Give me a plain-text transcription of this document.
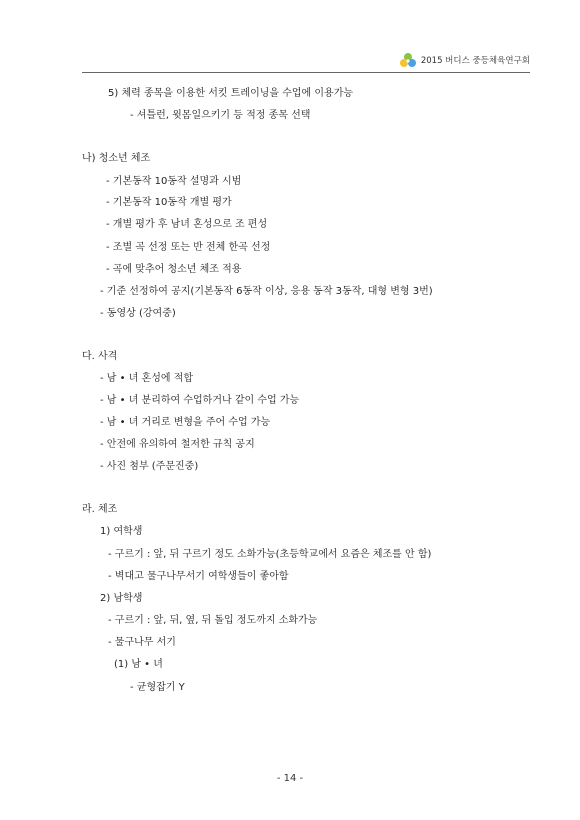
2015 버디스 중등체육연구회
5) 체력 종목을 이용한 서킷 트레이닝을 수업에 이용가능
- 셔틀런, 윗몸일으키기 등 적정 종목 선택
나) 청소년 체조
- 기본동작 10동작 설명과 시범
- 기본동작 10동작 개별 평가
- 개별 평가 후 남녀 혼성으로 조 편성
- 조별 곡 선정 또는 반 전체 한곡 선정
- 곡에 맞추어 청소년 체조 적용
- 기준 선정하여 공지(기본동작 6동작 이상, 응용 동작 3동작, 대형 변형 3번)
- 동영상 (강여중)
다. 사격
- 남 • 녀 혼성에 적합
- 남 • 녀 분리하여 수업하거나 같이 수업 가능
- 남 • 녀 거리로 변형을 주어 수업 가능
- 안전에 유의하여 철저한 규칙 공지
- 사진 첨부 (주문진중)
라. 체조
1) 여학생
- 구르기 : 앞, 뒤 구르기 정도 소화가능(초등학교에서 요즘은 체조를 안 함)
- 벽대고 물구나무서기 여학생들이 좋아함
2) 남학생
- 구르기 : 앞, 뒤, 옆, 뒤 돌입 정도까지 소화가능
- 물구나무 서기
(1) 남 • 녀
- 균형잡기 Y
- 14 -
